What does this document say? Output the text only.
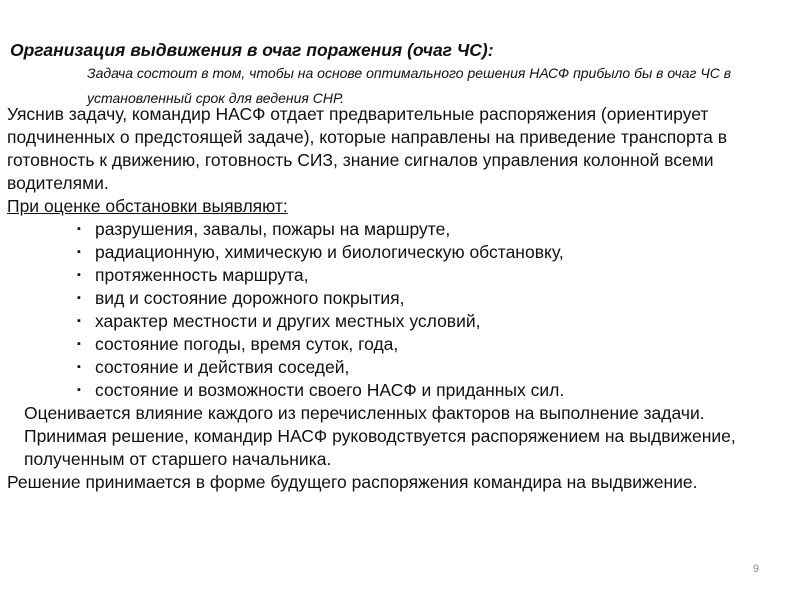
Организация выдвижения в очаг поражения (очаг ЧС):
Задача состоит в том, чтобы на основе оптимального решения НАСФ прибыло бы в очаг ЧС в установленный срок для ведения СНР.

Уяснив задачу, командир НАСФ отдает предварительные распоряжения (ориентирует подчиненных о предстоящей задаче), которые направлены на приведение транспорта в готовность к движению, готовность СИЗ, знание сигналов управления колонной всеми водителями.

При оценке обстановки выявляют:

▪ разрушения, завалы, пожары на маршруте,
▪ радиационную, химическую и биологическую обстановку,
▪ протяженность маршрута,
▪ вид и состояние дорожного покрытия,
▪ характер местности и других местных условий,
▪ состояние погоды, время суток, года,
▪ состояние и действия соседей,
▪ состояние и возможности своего НАСФ и приданных сил.

Оценивается влияние каждого из перечисленных факторов на выполнение задачи.

Принимая решение, командир НАСФ руководствуется распоряжением на выдвижение, полученным от старшего начальника.

Решение принимается в форме будущего распоряжения командира на выдвижение.

9
